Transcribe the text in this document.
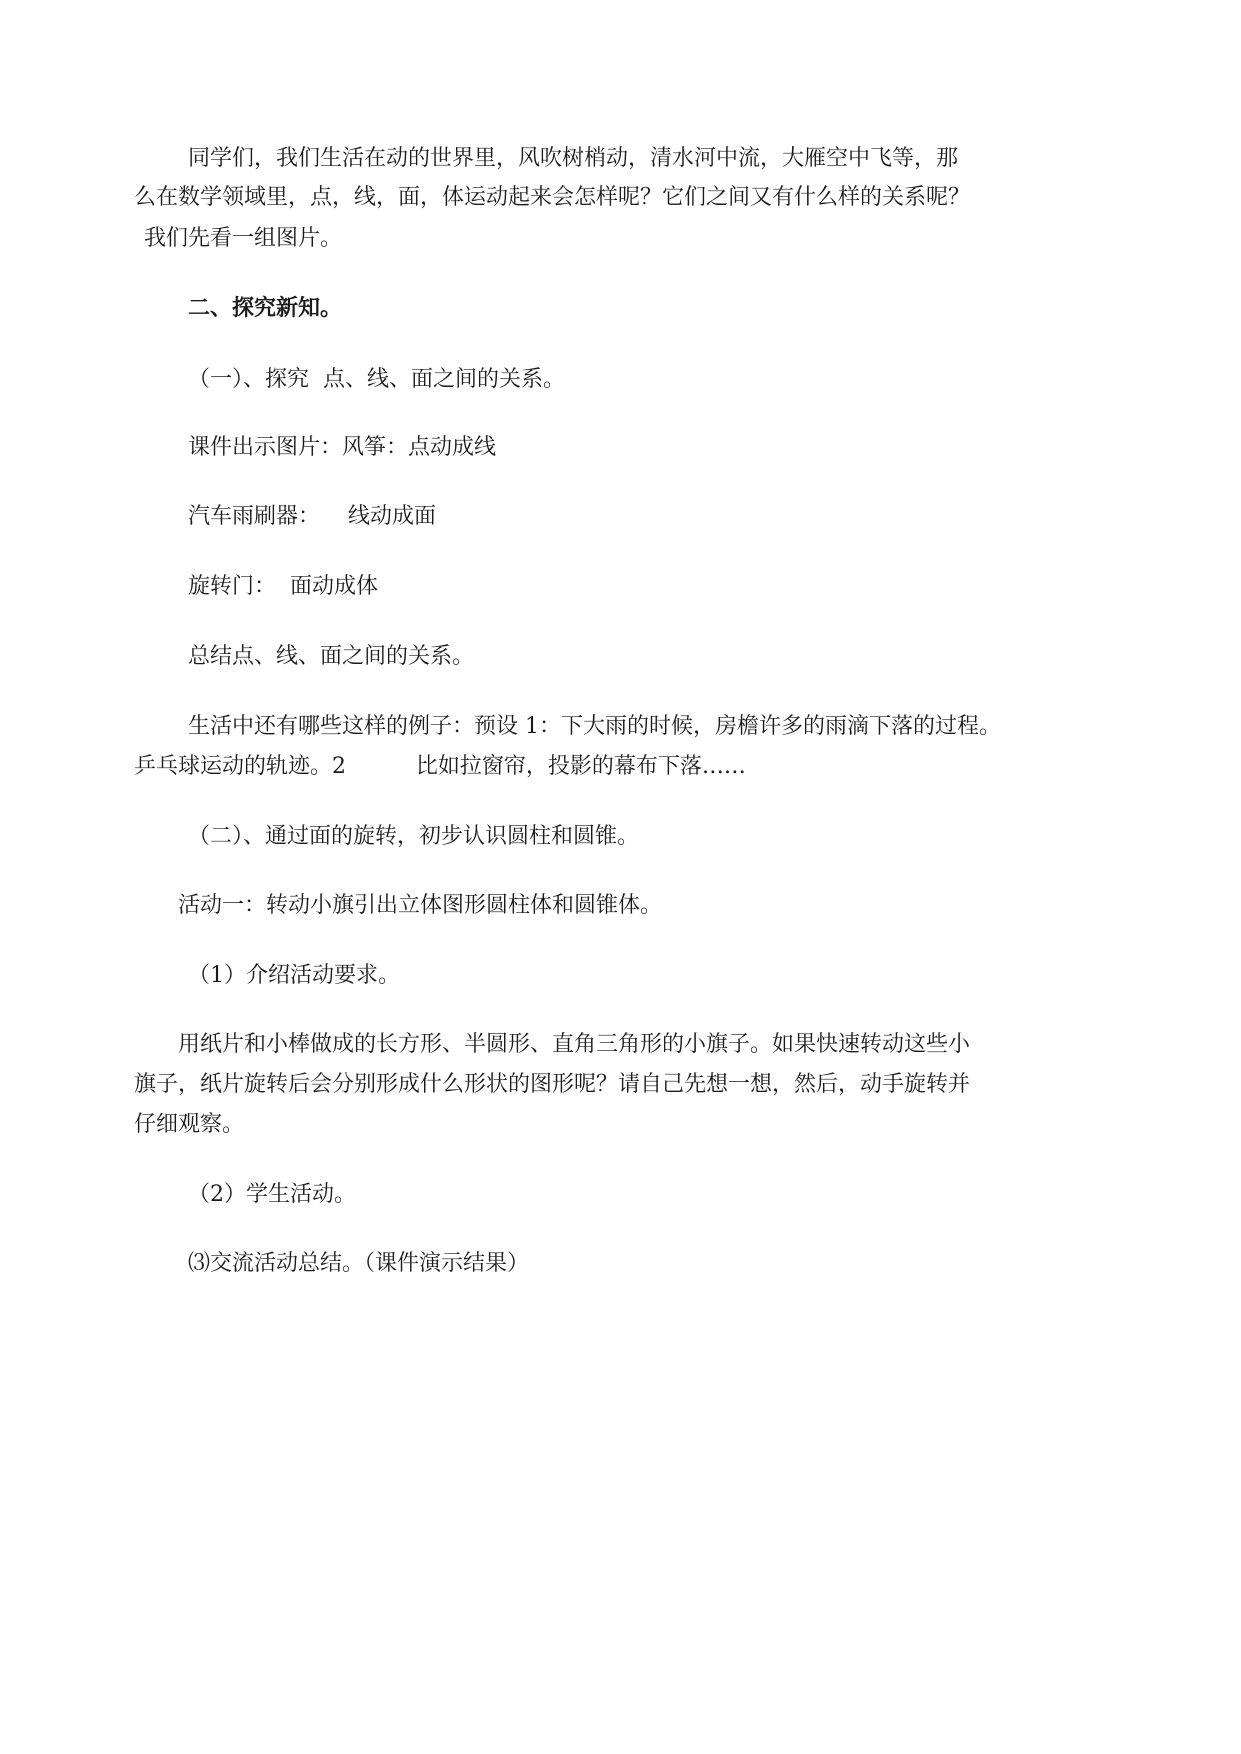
同学们，我们生活在动的世界里，风吹树梢动，清水河中流，大雁空中飞等，那

么在数学领域里，点，线，面，体运动起来会怎样呢？它们之间又有什么样的关系呢？

我们先看一组图片。

二、探究新知。

（一）、探究  点、线、面之间的关系。

课件出示图片：风筝：点动成线

汽车雨刷器：    线动成面

旋转门：  面动成体

总结点、线、面之间的关系。

生活中还有哪些这样的例子：预设 1：下大雨的时候，房檐许多的雨滴下落的过程。

乒乓球运动的轨迹。2          比如拉窗帘，投影的幕布下落……

（二）、通过面的旋转，初步认识圆柱和圆锥。

活动一：转动小旗引出立体图形圆柱体和圆锥体。

（1）介绍活动要求。

用纸片和小棒做成的长方形、半圆形、直角三角形的小旗子。如果快速转动这些小

旗子，纸片旋转后会分别形成什么形状的图形呢？请自己先想一想，然后，动手旋转并

仔细观察。

（2）学生活动。

⑶交流活动总结。（课件演示结果）
